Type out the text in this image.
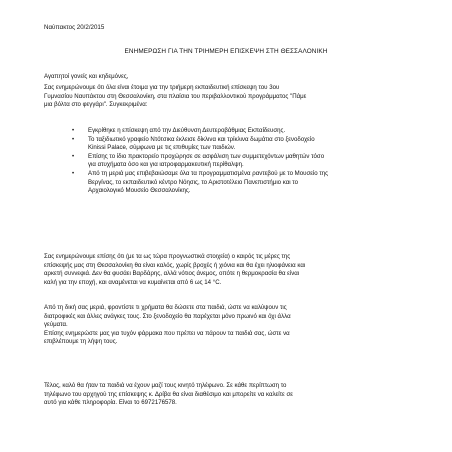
Ναύπακτος 20/2/2015
ΕΝΗΜΕΡΩΣΗ ΓΙΑ ΤΗΝ ΤΡΙΗΜΕΡΗ ΕΠΙΣΚΕΨΗ ΣΤΗ ΘΕΣΣΑΛΟΝΙΚΗ
Αγαπητοί γονείς και κηδεμόνες,

Σας ενημερώνουμε ότι όλα είναι έτοιμα για την τριήμερη εκπαιδευτική επίσκεψη του 3ου

Γυμνασίου Ναυπάκτου στη Θεσσαλονίκη, στα πλαίσια του περιβαλλοντικού προγράμματος "Πάμε

μια βόλτα στο φεγγάρι". Συγκεκριμένα:

• Εγκρίθηκε η επίσκεψη από την Διεύθυνση Δευτεροβάθμιας Εκπαίδευσης.

• Το ταξιδιωτικό γραφείο Ντότσικα έκλεισε δίκλινα και τρίκλινα δωμάτια στο ξενοδοχείο

Kinissi Palace, σύμφωνα με τις επιθυμίες των παιδιών.

• Επίσης το ίδιο πρακτορείο προχώρησε σε ασφάλιση των συμμετεχόντων μαθητών τόσο

για ατυχήματα όσο και για ιατροφαρμακευτική περίθαλψη.

• Από τη μεριά μας επιβεβαιώσαμε όλα τα προγραμματισμένα ραντεβού με το Μουσείο της

Βεργίνας, το εκπαιδευτικό κέντρο Νόησις, το Αριστοτέλειο Πανεπιστήμιο και το

Αρχαιολογικό Μουσείο Θεσσαλονίκης.

Σας ενημερώνουμε επίσης ότι (με τα ως τώρα προγνωστικά στοιχεία) ο καιρός τις μέρες της

επίσκεψής μας στη Θεσσαλονίκη θα είναι καλός, χωρίς βροχές ή χιόνια και θα έχει ηλιοφάνεια και

αρκετή συννεφιά. Δεν θα φυσάει Βαρδάρης, αλλά νότιος άνεμος, οπότε η θερμοκρασία θα είναι

καλή για την εποχή, και αναμένεται να κυμαίνεται από 6 ως 14 °C.

Από τη δική σας μεριά, φροντίστε τι χρήματα θα δώσετε στα παιδιά, ώστε να καλύψουν τις

διατροφικές και άλλες ανάγκες τους. Στο ξενοδοχείο θα παρέχεται μόνο πρωινό και όχι άλλα

γεύματα.

Επίσης ενημερώστε μας για τυχόν φάρμακα που πρέπει να πάρουν τα παιδιά σας, ώστε να

επιβλέπουμε τη λήψη τους.

Τέλος, καλό θα ήταν τα παιδιά να έχουν μαζί τους κινητό τηλέφωνο. Σε κάθε περίπτωση το

τηλέφωνο του αρχηγού της επίσκεψης κ. Δρίβα θα είναι διαθέσιμο και μπορείτε να καλείτε σε

αυτό για κάθε πληροφορία. Είναι το 6972176578.
